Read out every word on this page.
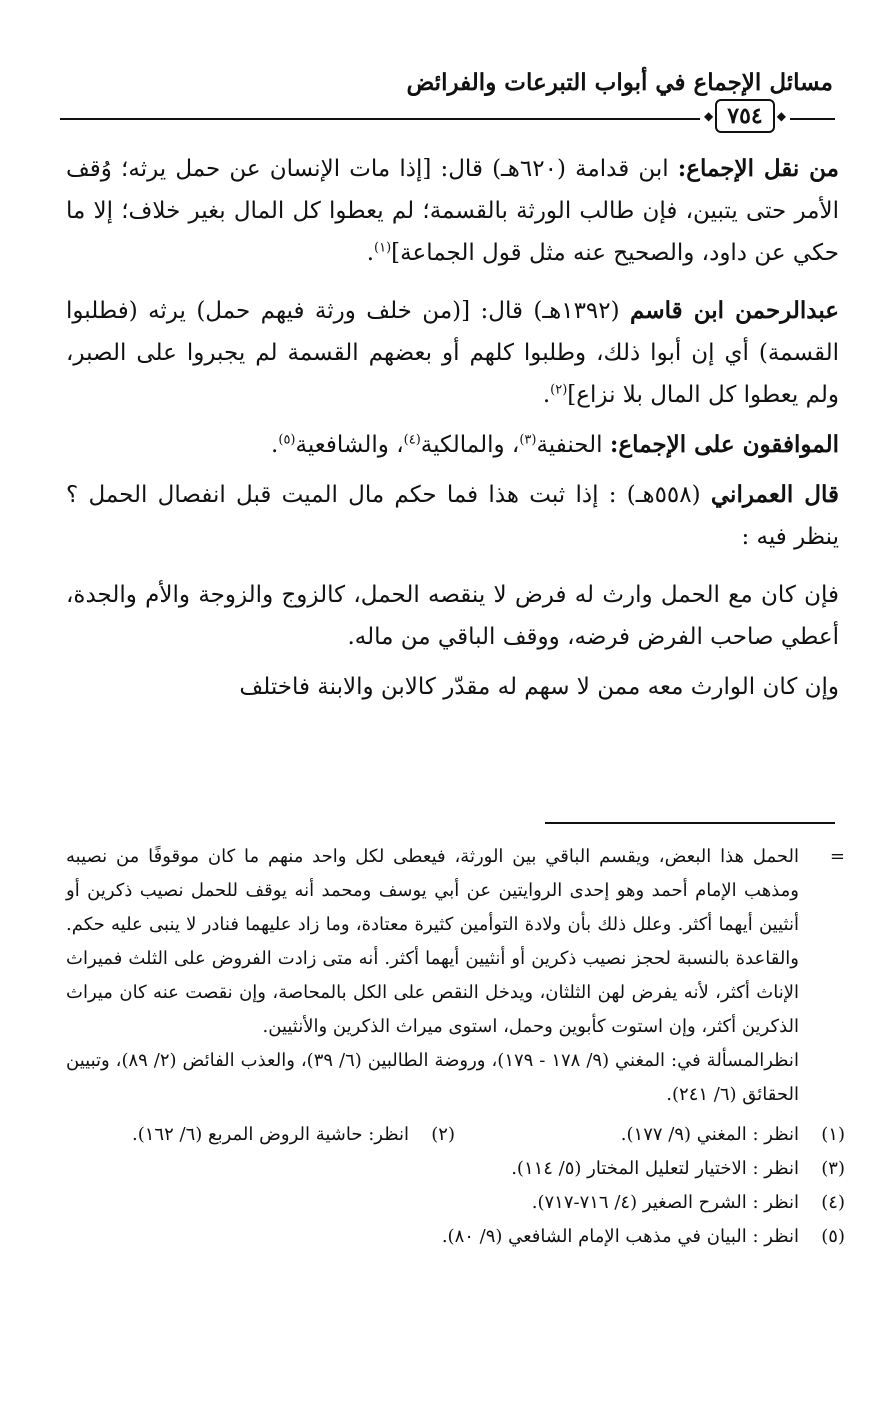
مسائل الإجماع في أبواب التبرعات والفرائض
◆ ٧٥٤	◆

من نقل الإجماع: ابن قدامة (٦٢٠هـ) قال: [إذا مات الإنسان عن حمل يرثه؛ وُقف الأمر حتى يتبين، فإن طالب الورثة بالقسمة؛ لم يعطوا كل المال بغير خلاف؛ إلا ما حكي عن داود، والصحيح عنه مثل قول الجماعة]$^{(١)}$.

عبدالرحمن ابن قاسم (١٣٩٢هـ) قال: [(من خلف ورثة فيهم حمل) يرثه (فطلبوا القسمة) أي إن أبوا ذلك، وطلبوا كلهم أو بعضهم القسمة لم يجبروا على الصبر، ولم يعطوا كل المال بلا نزاع]$^{(٢)}$.

الموافقون على الإجماع: الحنفية$^{(٣)}$، والمالكية$^{(٤)}$، والشافعية$^{(٥)}$.

قال العمراني (٥٥٨هـ) : إذا ثبت هذا فما حكم مال الميت قبل انفصال الحمل ؟ ينظر فيه :

فإن كان مع الحمل وارث له فرض لا ينقصه الحمل، كالزوج والزوجة والأم والجدة، أعطي صاحب الفرض فرضه، ووقف الباقي من ماله.

وإن كان الوارث معه ممن لا سهم له مقدّر كالابن والابنة فاختلف

=
الحمل هذا البعض، ويقسم الباقي بين الورثة، فيعطى لكل واحد منهم ما كان موقوفًا من نصيبه ومذهب الإمام أحمد وهو إحدى الروايتين عن أبي يوسف ومحمد أنه يوقف للحمل نصيب ذكرين أو أنثيين أيهما أكثر. وعلل ذلك بأن ولادة التوأمين كثيرة معتادة، وما زاد عليهما فنادر لا ينبى عليه حكم. والقاعدة بالنسبة لحجز نصيب ذكرين أو أنثيين أيهما أكثر. أنه متى زادت الفروض على الثلث فميراث الإناث أكثر، لأنه يفرض لهن الثلثان، ويدخل النقص على الكل بالمحاصة، وإن نقصت عنه كان ميراث الذكرين أكثر، وإن استوت كأبوين وحمل، استوى ميراث الذكرين والأنثيين.

انظرالمسألة في: المغني (٩/ ١٧٨ - ١٧٩)، وروضة الطالبين (٦/ ٣٩)، والعذب الفائض (٢/ ٨٩)، وتبيين الحقائق (٦/ ٢٤١).

(١)
انظر : المغني (٩/ ١٧٧).
(٢)
انظر: حاشية الروض المربع (٦/ ١٦٢).
(٣)
انظر : الاختيار لتعليل المختار (٥/ ١١٤).
(٤)
انظر : الشرح الصغير (٤/ ٧١٦-٧١٧).
(٥)
انظر : البيان في مذهب الإمام الشافعي (٩/ ٨٠).
